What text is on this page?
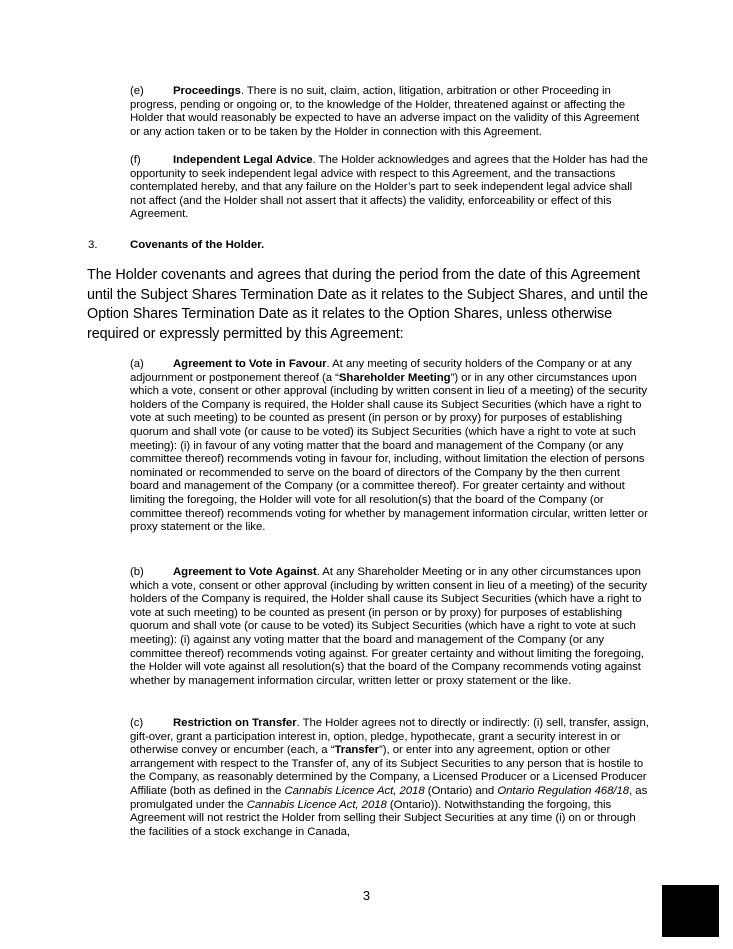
(e)	Proceedings. There is no suit, claim, action, litigation, arbitration or other Proceeding in progress, pending or ongoing or, to the knowledge of the Holder, threatened against or affecting the Holder that would reasonably be expected to have an adverse impact on the validity of this Agreement or any action taken or to be taken by the Holder in connection with this Agreement.
(f)	Independent Legal Advice. The Holder acknowledges and agrees that the Holder has had the opportunity to seek independent legal advice with respect to this Agreement, and the transactions contemplated hereby, and that any failure on the Holder’s part to seek independent legal advice shall not affect (and the Holder shall not assert that it affects) the validity, enforceability or effect of this Agreement.
3.	Covenants of the Holder.
The Holder covenants and agrees that during the period from the date of this Agreement until the Subject Shares Termination Date as it relates to the Subject Shares, and until the Option Shares Termination Date as it relates to the Option Shares, unless otherwise required or expressly permitted by this Agreement:
(a)	Agreement to Vote in Favour. At any meeting of security holders of the Company or at any adjournment or postponement thereof (a “Shareholder Meeting”) or in any other circumstances upon which a vote, consent or other approval (including by written consent in lieu of a meeting) of the security holders of the Company is required, the Holder shall cause its Subject Securities (which have a right to vote at such meeting) to be counted as present (in person or by proxy) for purposes of establishing quorum and shall vote (or cause to be voted) its Subject Securities (which have a right to vote at such meeting): (i) in favour of any voting matter that the board and management of the Company (or any committee thereof) recommends voting in favour for, including, without limitation the election of persons nominated or recommended to serve on the board of directors of the Company by the then current board and management of the Company (or a committee thereof). For greater certainty and without limiting the foregoing, the Holder will vote for all resolution(s) that the board of the Company (or committee thereof) recommends voting for whether by management information circular, written letter or proxy statement or the like.
(b)	Agreement to Vote Against. At any Shareholder Meeting or in any other circumstances upon which a vote, consent or other approval (including by written consent in lieu of a meeting) of the security holders of the Company is required, the Holder shall cause its Subject Securities (which have a right to vote at such meeting) to be counted as present (in person or by proxy) for purposes of establishing quorum and shall vote (or cause to be voted) its Subject Securities (which have a right to vote at such meeting): (i) against any voting matter that the board and management of the Company (or any committee thereof) recommends voting against. For greater certainty and without limiting the foregoing, the Holder will vote against all resolution(s) that the board of the Company recommends voting against whether by management information circular, written letter or proxy statement or the like.
(c)	Restriction on Transfer. The Holder agrees not to directly or indirectly: (i) sell, transfer, assign, gift-over, grant a participation interest in, option, pledge, hypothecate, grant a security interest in or otherwise convey or encumber (each, a “Transfer”), or enter into any agreement, option or other arrangement with respect to the Transfer of, any of its Subject Securities to any person that is hostile to the Company, as reasonably determined by the Company, a Licensed Producer or a Licensed Producer Affiliate (both as defined in the Cannabis Licence Act, 2018 (Ontario) and Ontario Regulation 468/18, as promulgated under the Cannabis Licence Act, 2018 (Ontario)). Notwithstanding the forgoing, this Agreement will not restrict the Holder from selling their Subject Securities at any time (i) on or through the facilities of a stock exchange in Canada,
3
